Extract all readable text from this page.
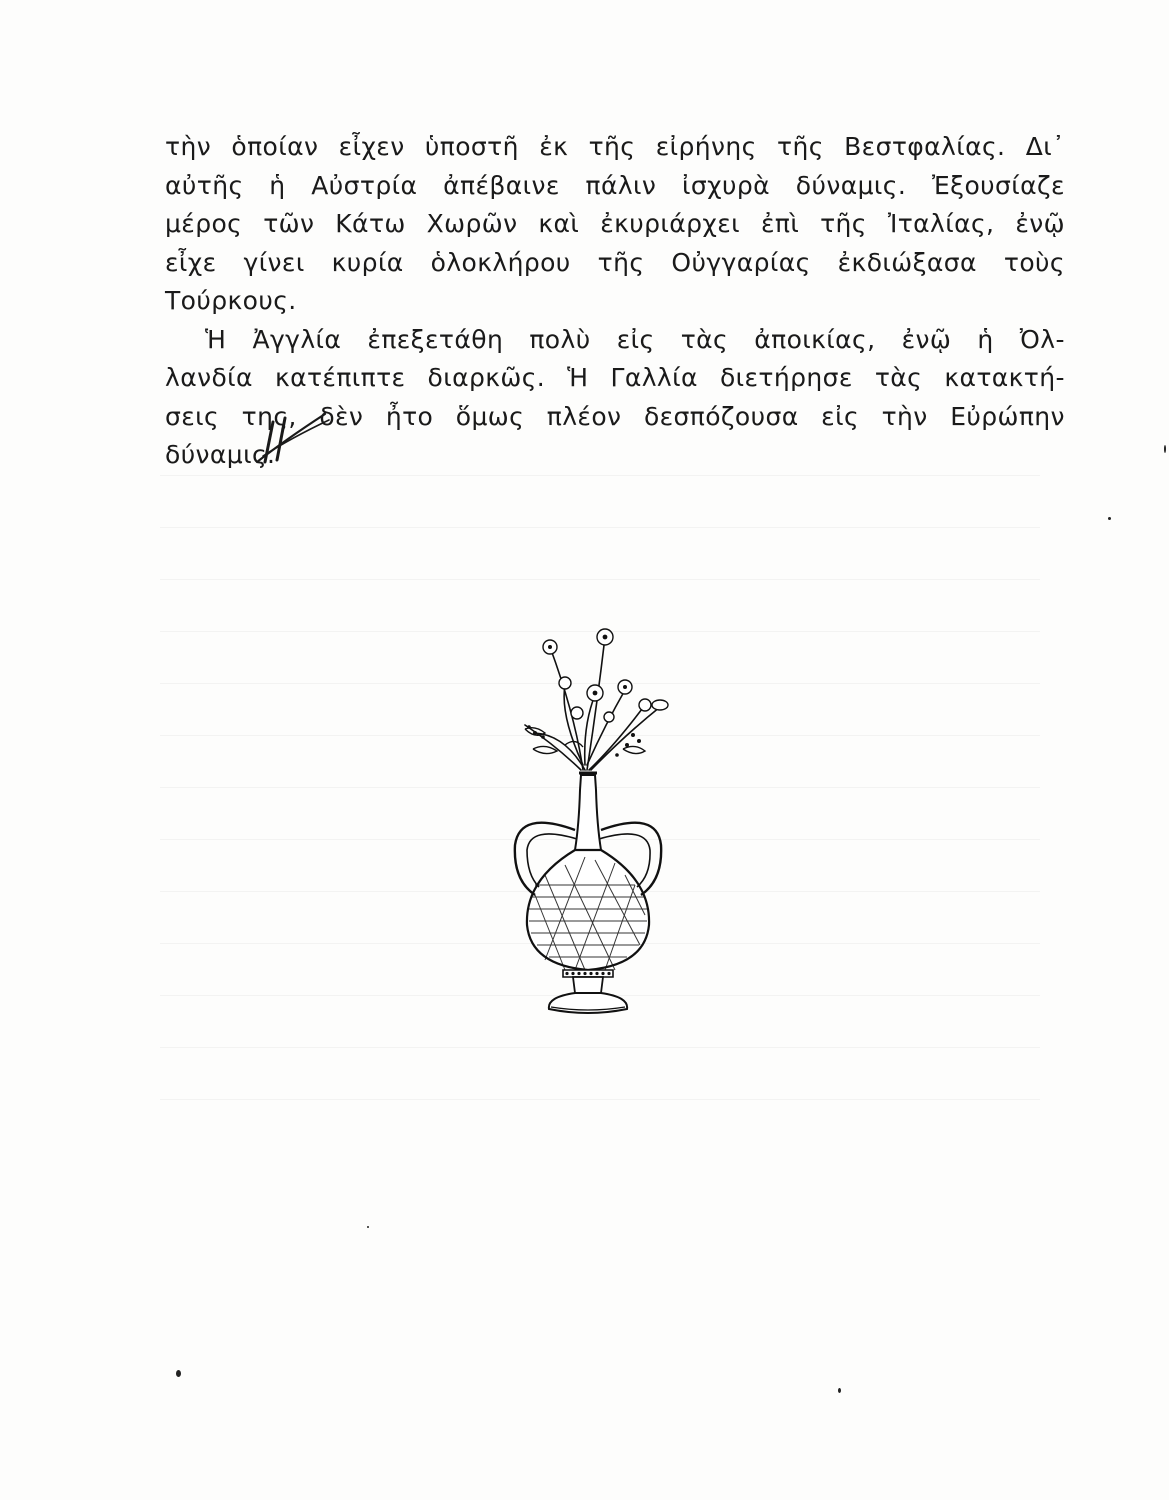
τὴν ὁποίαν εἶχεν ὑποστῆ ἐκ τῆς εἰρήνης τῆς Βεστφαλίας. Δι᾽
αὐτῆς ἡ Αὐστρία ἀπέβαινε πάλιν ἰσχυρὰ δύναμις. Ἐξουσίαζε
μέρος τῶν Κάτω Χωρῶν καὶ ἐκυριάρχει ἐπὶ τῆς Ἰταλίας, ἐνῷ
εἶχε γίνει κυρία ὁλοκλήρου τῆς Οὐγγαρίας ἐκδιώξασα τοὺς
Τούρκους.
Ἡ Ἀγγλία ἐπεξετάθη πολὺ εἰς τὰς ἀποικίας, ἐνῷ ἡ Ὀλ-
λανδία κατέπιπτε διαρκῶς. Ἡ Γαλλία διετήρησε τὰς κατακτή-
σεις της, δὲν ἦτο ὅμως πλέον δεσπόζουσα εἰς τὴν Εὐρώπην
δύναμις.
